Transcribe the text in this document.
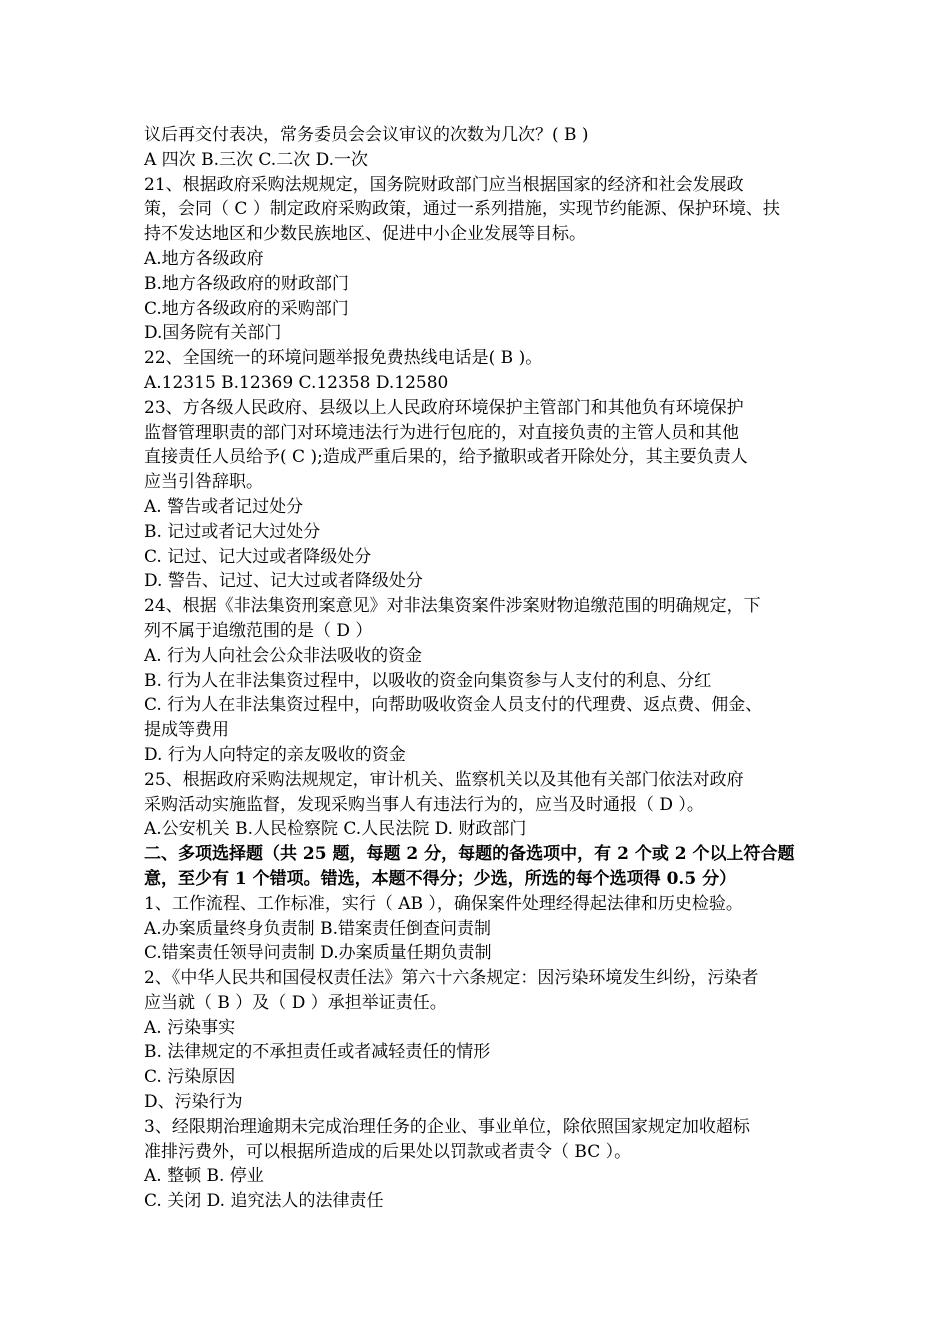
议后再交付表决，常务委员会会议审议的次数为几次？( B )
A 四次 B.三次 C.二次 D.一次
21、根据政府采购法规规定，国务院财政部门应当根据国家的经济和社会发展政
策，会同（ C ）制定政府采购政策，通过一系列措施，实现节约能源、保护环境、扶
持不发达地区和少数民族地区、促进中小企业发展等目标。
A.地方各级政府
B.地方各级政府的财政部门
C.地方各级政府的采购部门
D.国务院有关部门
22、全国统一的环境问题举报免费热线电话是( B )。
A.12315 B.12369 C.12358 D.12580
23、方各级人民政府、县级以上人民政府环境保护主管部门和其他负有环境保护
监督管理职责的部门对环境违法行为进行包庇的，对直接负责的主管人员和其他
直接责任人员给予( C );造成严重后果的，给予撤职或者开除处分，其主要负责人
应当引咎辞职。
A. 警告或者记过处分
B. 记过或者记大过处分
C. 记过、记大过或者降级处分
D. 警告、记过、记大过或者降级处分
24、根据《非法集资刑案意见》对非法集资案件涉案财物追缴范围的明确规定，下
列不属于追缴范围的是（ D ）
A. 行为人向社会公众非法吸收的资金
B. 行为人在非法集资过程中，以吸收的资金向集资参与人支付的利息、分红
C. 行为人在非法集资过程中，向帮助吸收资金人员支付的代理费、返点费、佣金、
提成等费用
D. 行为人向特定的亲友吸收的资金
25、根据政府采购法规规定，审计机关、监察机关以及其他有关部门依法对政府
采购活动实施监督，发现采购当事人有违法行为的，应当及时通报（ D ）。
A.公安机关 B.人民检察院 C.人民法院 D. 财政部门
二、多项选择题（共 25 题，每题 2 分，每题的备选项中，有 2 个或 2 个以上符合题
意，至少有 1 个错项。错选，本题不得分；少选，所选的每个选项得 0.5 分）
1、工作流程、工作标准，实行（ AB ），确保案件处理经得起法律和历史检验。
A.办案质量终身负责制 B.错案责任倒查问责制
C.错案责任领导问责制 D.办案质量任期负责制
2、《中华人民共和国侵权责任法》第六十六条规定：因污染环境发生纠纷，污染者
应当就（ B ）及（ D ）承担举证责任。
A. 污染事实
B. 法律规定的不承担责任或者减轻责任的情形
C. 污染原因
D、污染行为
3、经限期治理逾期未完成治理任务的企业、事业单位，除依照国家规定加收超标
准排污费外，可以根据所造成的后果处以罚款或者责令（ BC ）。
A. 整顿 B. 停业
C. 关闭 D. 追究法人的法律责任
